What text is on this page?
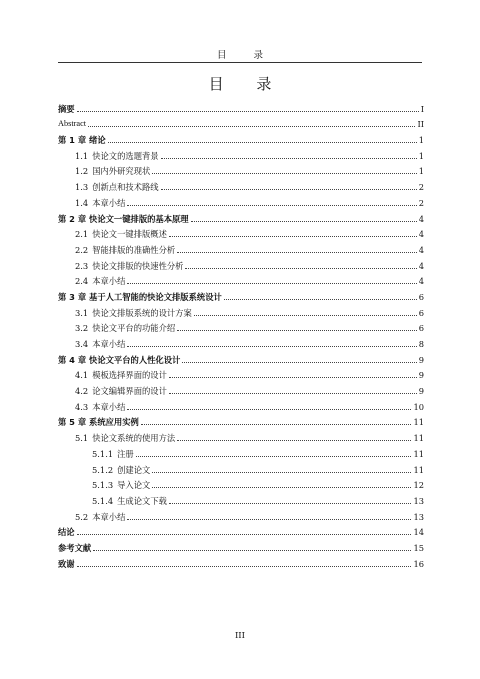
目 录
目 录
摘要	I
Abstract	II
第 1 章 绪论	1
1.1 快论文的选题背景	1
1.2 国内外研究现状	1
1.3 创新点和技术路线	2
1.4 本章小结	2
第 2 章 快论文一键排版的基本原理	4
2.1 快论文一键排版概述	4
2.2 智能排版的准确性分析	4
2.3 快论文排版的快速性分析	4
2.4 本章小结	4
第 3 章 基于人工智能的快论文排版系统设计	6
3.1 快论文排版系统的设计方案	6
3.2 快论文平台的功能介绍	6
3.4 本章小结	8
第 4 章 快论文平台的人性化设计	9
4.1 模板选择界面的设计	9
4.2 论文编辑界面的设计	9
4.3 本章小结	10
第 5 章 系统应用实例	11
5.1 快论文系统的使用方法	11
5.1.1 注册	11
5.1.2 创建论文	11
5.1.3 导入论文	12
5.1.4 生成论文下载	13
5.2 本章小结	13
结论	14
参考文献	15
致谢	16
III
